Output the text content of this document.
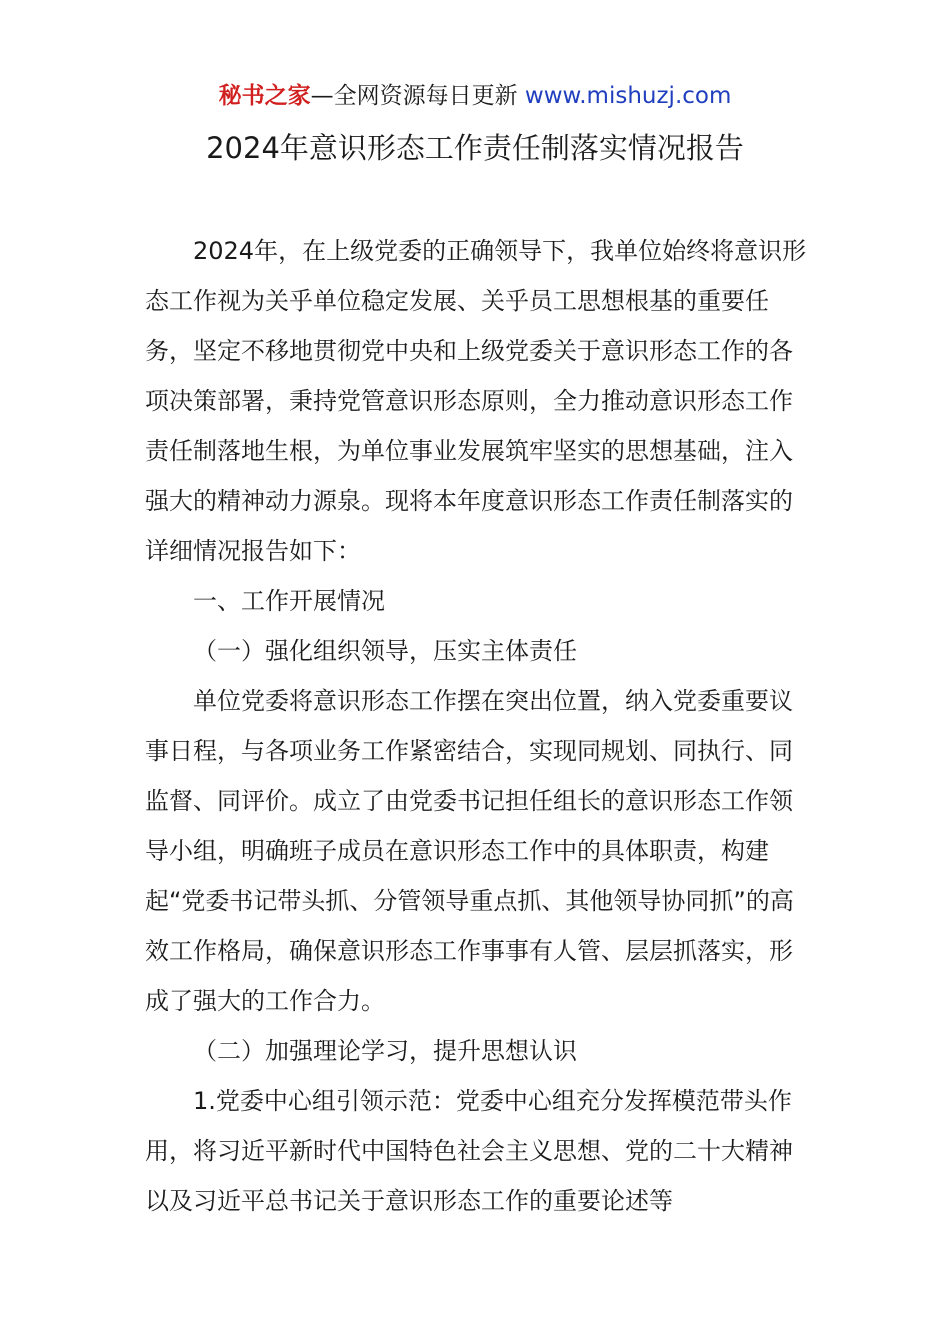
秘书之家—全网资源每日更新 www.mishuzj.com
2024年意识形态工作责任制落实情况报告

2024年，在上级党委的正确领导下，我单位始终将意识形态工作视为关乎单位稳定发展、关乎员工思想根基的重要任务，坚定不移地贯彻党中央和上级党委关于意识形态工作的各项决策部署，秉持党管意识形态原则，全力推动意识形态工作责任制落地生根，为单位事业发展筑牢坚实的思想基础，注入强大的精神动力源泉。现将本年度意识形态工作责任制落实的详细情况报告如下：

一、工作开展情况

（一）强化组织领导，压实主体责任

单位党委将意识形态工作摆在突出位置，纳入党委重要议事日程，与各项业务工作紧密结合，实现同规划、同执行、同监督、同评价。成立了由党委书记担任组长的意识形态工作领导小组，明确班子成员在意识形态工作中的具体职责，构建起“党委书记带头抓、分管领导重点抓、其他领导协同抓”的高效工作格局，确保意识形态工作事事有人管、层层抓落实，形成了强大的工作合力。

（二）加强理论学习，提升思想认识

1.党委中心组引领示范：党委中心组充分发挥模范带头作用，将习近平新时代中国特色社会主义思想、党的二十大精神以及习近平总书记关于意识形态工作的重要论述等
